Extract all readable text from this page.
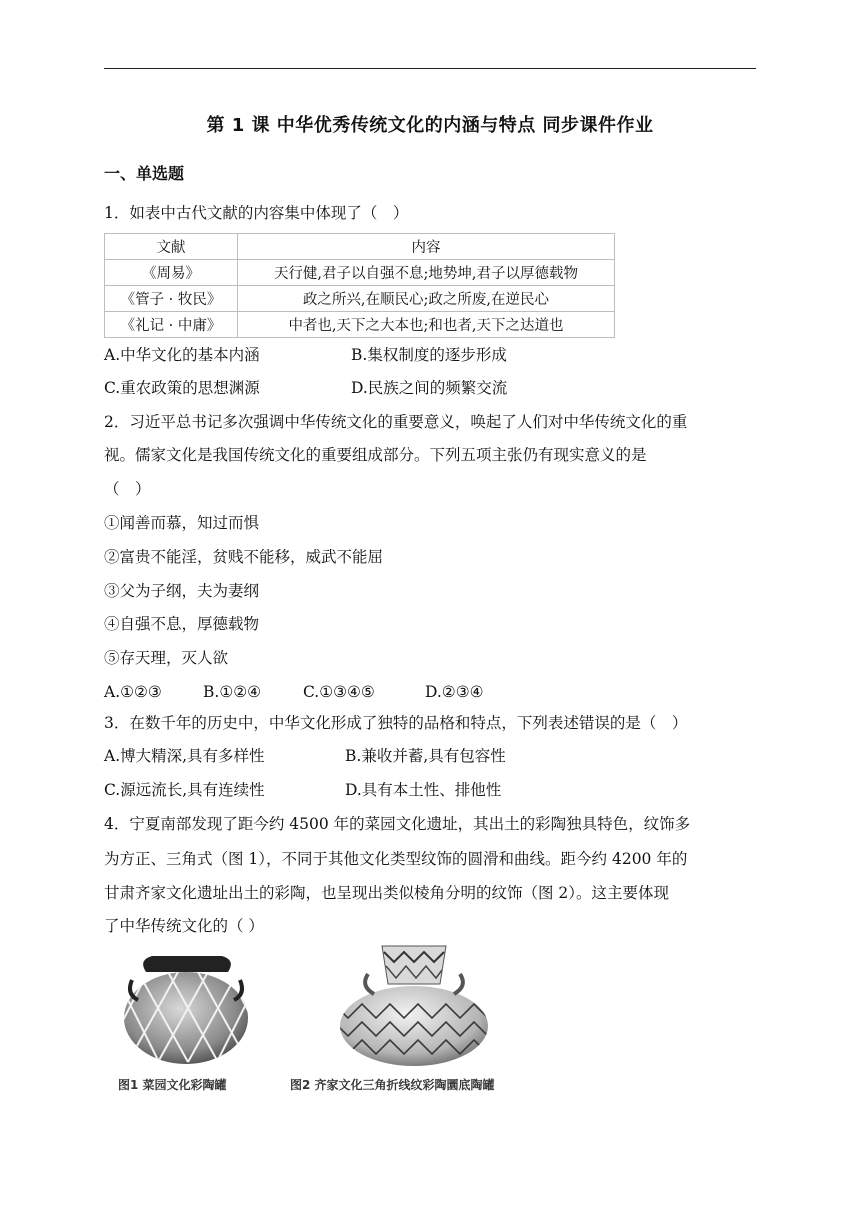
第 1 课 中华优秀传统文化的内涵与特点 同步课件作业
一、单选题
1．如表中古代文献的内容集中体现了（　）
文献	内容
《周易》	天行健,君子以自强不息;地势坤,君子以厚德载物
《管子 · 牧民》	政之所兴,在顺民心;政之所废,在逆民心
《礼记 · 中庸》	中者也,天下之大本也;和也者,天下之达道也
A.中华文化的基本内涵	B.集权制度的逐步形成
C.重农政策的思想渊源	D.民族之间的频繁交流
2．习近平总书记多次强调中华传统文化的重要意义，唤起了人们对中华传统文化的重
视。儒家文化是我国传统文化的重要组成部分。下列五项主张仍有现实意义的是
（　）
①闻善而慕，知过而惧
②富贵不能淫，贫贱不能移，威武不能屈
③父为子纲，夫为妻纲
④自强不息，厚德载物
⑤存天理，灭人欲
A.①②③	B.①②④	C.①③④⑤	D.②③④
3．在数千年的历史中，中华文化形成了独特的品格和特点，下列表述错误的是（　）
A.博大精深,具有多样性	B.兼收并蓄,具有包容性
C.源远流长,具有连续性	D.具有本土性、排他性
4．宁夏南部发现了距今约 4500 年的菜园文化遗址，其出土的彩陶独具特色，纹饰多
为方正、三角式（图 1），不同于其他文化类型纹饰的圆滑和曲线。距今约 4200 年的
甘肃齐家文化遗址出土的彩陶，也呈现出类似棱角分明的纹饰（图 2）。这主要体现
了中华传统文化的（ ）
图1 菜园文化彩陶罐	图2 齐家文化三角折线纹彩陶圜底陶罐
